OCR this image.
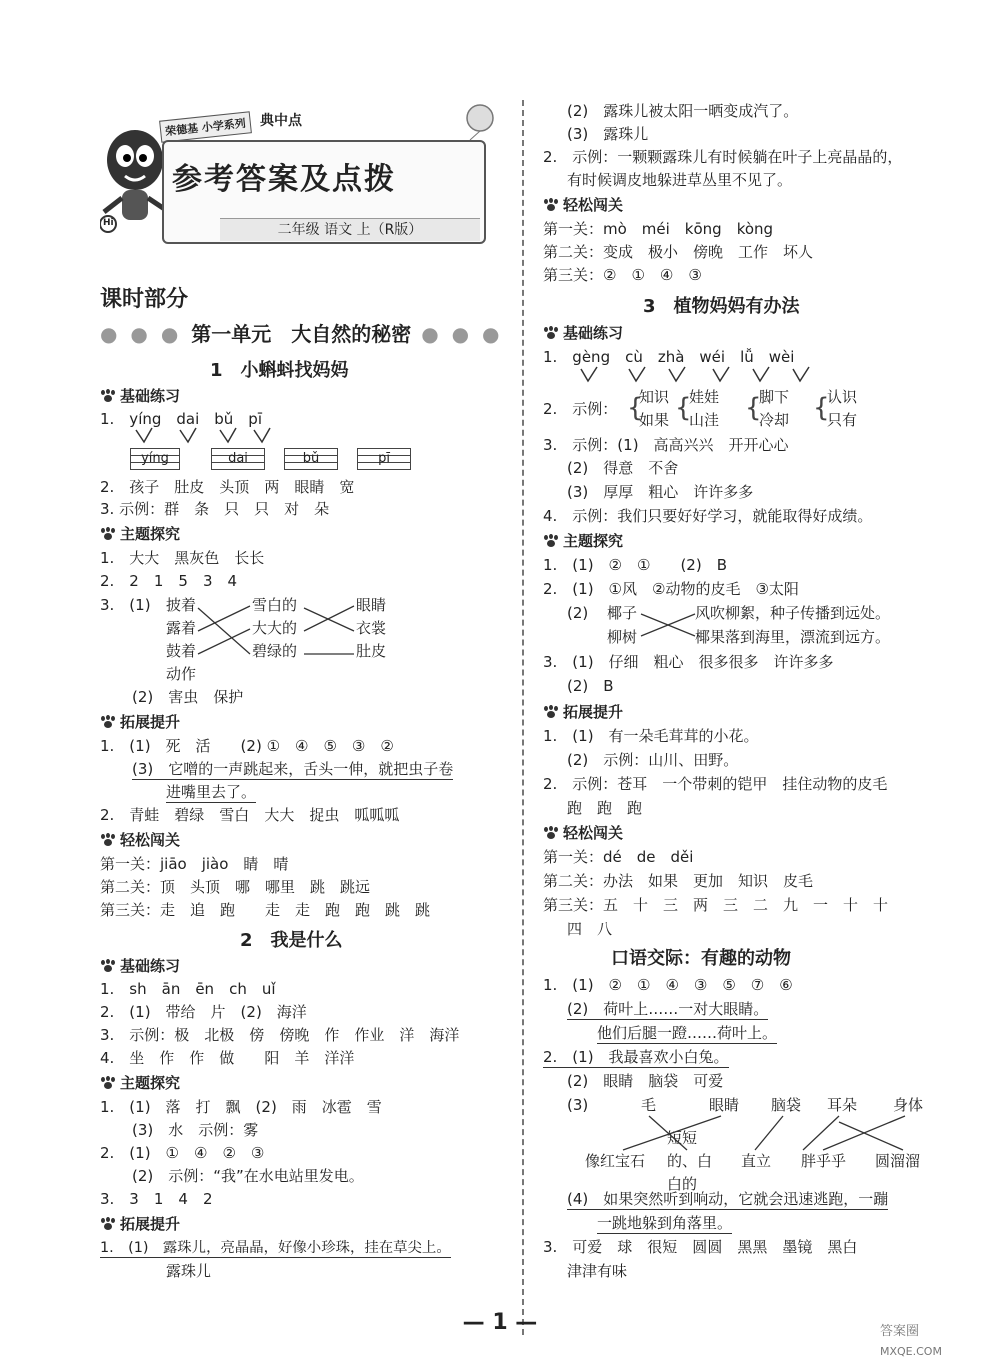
Hi
荣德基 小学系列 典中点
参考答案及点拨
二年级 语文 上（R版）
课时部分
● ● ● 第一单元　大自然的秘密 ● ● ●
1　小蝌蚪找妈妈
基础练习
1.　yíng　dai　bǔ　pī
yíng	dai	bǔ	pī
2.　孩子　肚皮　头顶　两　眼睛　宽
3. 示例：群　条　只　只　对　朵
主题探究
1.　大大　黑灰色　长长
2.　2　1　5　3　4
3.　(1) 披着
露着
鼓着
雪白的
大大的
碧绿的
眼睛
衣裳
肚皮
动作
(2)　害虫　保护
拓展提升
1.　(1)　死　活　　(2) ①　④　⑤　③　②
(3)　它噌的一声跳起来，舌头一伸，就把虫子卷
进嘴里去了。
2.　青蛙　碧绿　雪白　大大　捉虫　呱呱呱
轻松闯关
第一关：jiāo　jiào　睛　晴
第二关：顶　头顶　哪　哪里　跳　跳远
第三关：走　追　跑　　走　走　跑　跑　跳　跳
2　我是什么
基础练习
1.　sh　ān　ēn　ch　uǐ
2.　(1)　带给　片　(2)　海洋
3.　示例：极　北极　傍　傍晚　作　作业　洋　海洋
4.　坐　作　作　做　　阳　羊　洋洋
主题探究
1.　(1)　落　打　飘　(2)　雨　冰雹　雪
(3)　水　示例：雾
2.　(1)　①　④　②　③
(2)　示例：“我”在水电站里发电。
3.　3　1　4　2
拓展提升
1.　(1)　露珠儿，亮晶晶，好像小珍珠，挂在草尖上。
露珠儿
(2)　露珠儿被太阳一晒变成汽了。
(3)　露珠儿
2.　示例：一颗颗露珠儿有时候躺在叶子上亮晶晶的，
有时候调皮地躲进草丛里不见了。
轻松闯关
第一关：mò　méi　kōng　kòng
第二关：变成　极小　傍晚　工作　坏人
第三关：②　①　④　③
3　植物妈妈有办法
基础练习
1.　gèng　cù　zhà　wéi　lǚ　wèi
2.　示例： {
知识
如果 {
娃娃
山洼 {
脚下
冷却 {
认识
只有
3.　示例：(1)　高高兴兴　开开心心
(2)　得意　不舍
(3)　厚厚　粗心　许许多多
4.　示例：我们只要好好学习，就能取得好成绩。
主题探究
1.　(1)　②　①　　(2)　B
2.　(1)　①风　②动物的皮毛　③太阳
(2) 椰子
柳树
风吹柳絮，种子传播到远处。
椰果落到海里，漂流到远方。
3.　(1)　仔细　粗心　很多很多　许许多多
(2)　B
拓展提升
1.　(1)　有一朵毛茸茸的小花。
(2)　示例：山川、田野。
2.　示例：苍耳　一个带刺的铠甲　挂住动物的皮毛
跑　跑　跑
轻松闯关
第一关：dé　de　děi
第二关：办法　如果　更加　知识　皮毛
第三关：五　十　三　两　三　二　九　一　十　十
四　八
口语交际：有趣的动物
1.　(1)　②　①　④　③　⑤　⑦　⑥
(2)　荷叶上……一对大眼睛。
他们后腿一蹬……荷叶上。
2.　(1)　我最喜欢小白兔。
(2)　眼睛　脑袋　可爱
(3)	毛	眼睛 脑袋 耳朵 身体
像红宝石
短短的、白白的
直立 胖乎乎 圆溜溜
(4)　如果突然听到响动，它就会迅速逃跑，一蹦
一跳地躲到角落里。
3.　可爱　球　很短　圆圆　黑黑　墨镜　黑白
津津有味
— 1 —	答案圈
MXQE.COM
